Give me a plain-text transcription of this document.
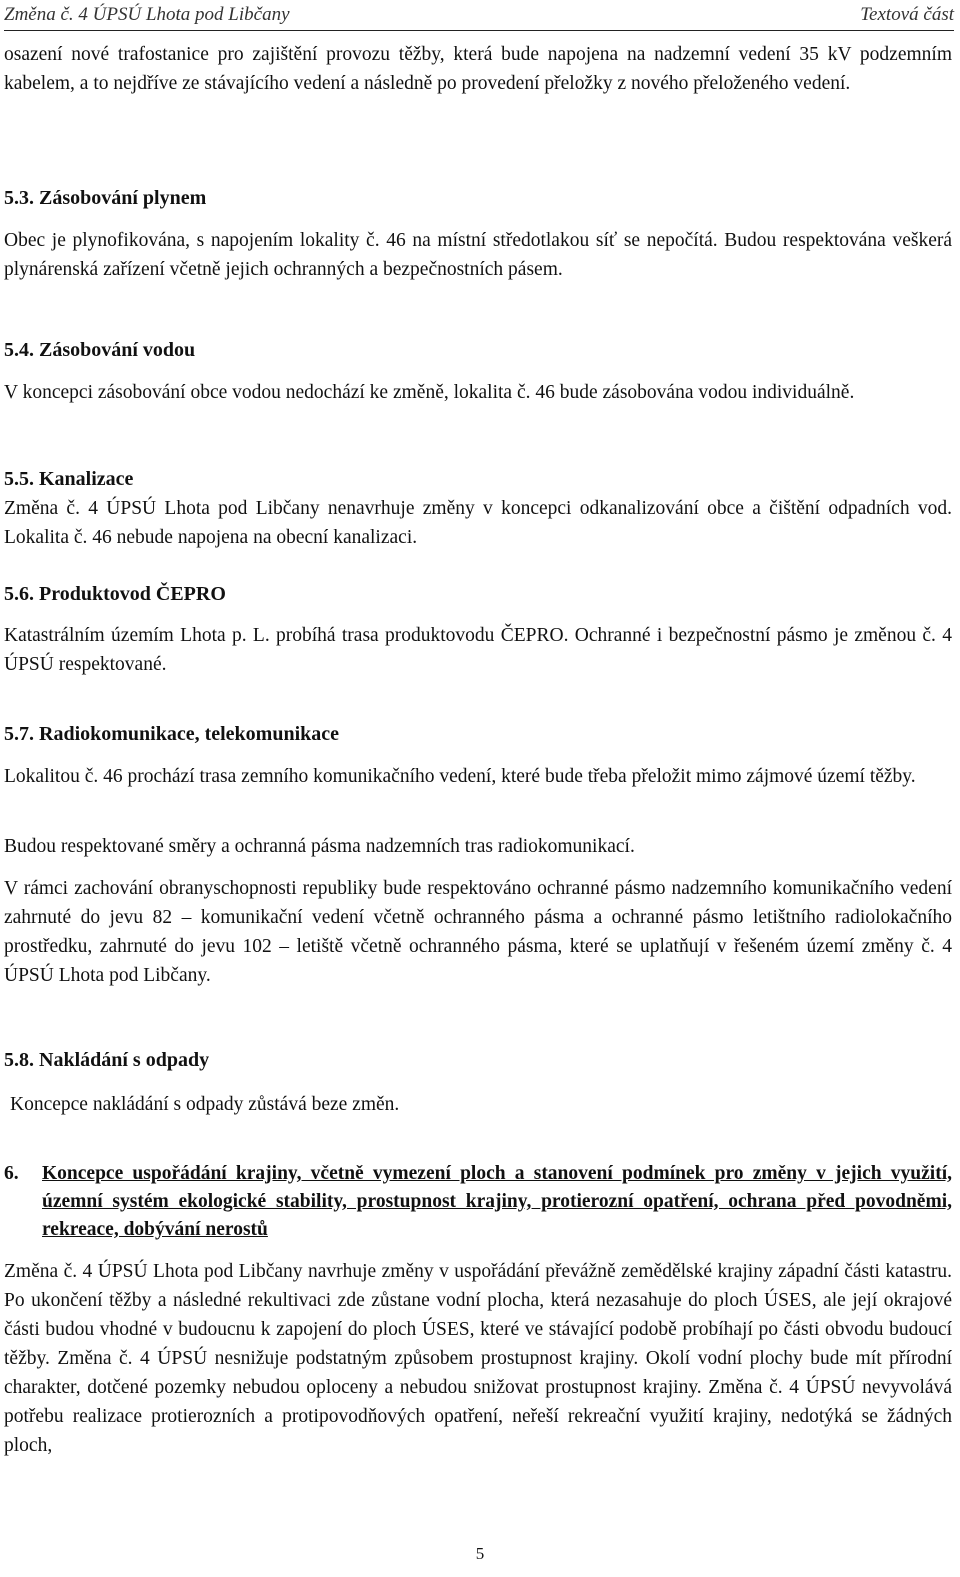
Změna č. 4 ÚPSÚ Lhota pod Libčany	Textová část

osazení nové trafostanice pro zajištění provozu těžby, která bude napojena na nadzemní vedení 35 kV podzemním kabelem, a to nejdříve ze stávajícího vedení a následně po provedení přeložky z nového přeloženého vedení.

5.3. Zásobování plynem

Obec je plynofikována, s napojením lokality č. 46 na místní středotlakou síť se nepočítá. Budou respektována veškerá plynárenská zařízení včetně jejich ochranných a bezpečnostních pásem.

5.4. Zásobování vodou

V koncepci zásobování obce vodou nedochází ke změně, lokalita č. 46 bude zásobována vodou individuálně.

5.5. Kanalizace

Změna č. 4 ÚPSÚ Lhota pod Libčany nenavrhuje změny v koncepci odkanalizování obce a čištění odpadních vod. Lokalita č. 46 nebude napojena na obecní kanalizaci.

5.6. Produktovod ČEPRO

Katastrálním územím Lhota p. L. probíhá trasa produktovodu ČEPRO. Ochranné i bezpečnostní pásmo je změnou č. 4 ÚPSÚ respektované.

5.7. Radiokomunikace, telekomunikace

Lokalitou č. 46 prochází trasa zemního komunikačního vedení, které bude třeba přeložit mimo zájmové území těžby.

Budou respektované směry a ochranná pásma nadzemních tras radiokomunikací.

V rámci zachování obranyschopnosti republiky bude respektováno ochranné pásmo nadzemního komunikačního vedení zahrnuté do jevu 82 – komunikační vedení včetně ochranného pásma a ochranné pásmo letištního radiolokačního prostředku, zahrnuté do jevu 102 – letiště včetně ochranného pásma, které se uplatňují v řešeném území změny č. 4 ÚPSÚ Lhota pod Libčany.

5.8. Nakládání s odpady

Koncepce nakládání s odpady zůstává beze změn.

6. Koncepce uspořádání krajiny, včetně vymezení ploch a stanovení podmínek pro změny v jejich využití, územní systém ekologické stability, prostupnost krajiny, protierozní opatření, ochrana před povodněmi, rekreace, dobývání nerostů

Změna č. 4 ÚPSÚ Lhota pod Libčany navrhuje změny v uspořádání převážně zemědělské krajiny západní části katastru. Po ukončení těžby a následné rekultivaci zde zůstane vodní plocha, která nezasahuje do ploch ÚSES, ale její okrajové části budou vhodné v budoucnu k zapojení do ploch ÚSES, které ve stávající podobě probíhají po části obvodu budoucí těžby. Změna č. 4 ÚPSÚ nesnižuje podstatným způsobem prostupnost krajiny. Okolí vodní plochy bude mít přírodní charakter, dotčené pozemky nebudou oploceny a nebudou snižovat prostupnost krajiny. Změna č. 4 ÚPSÚ nevyvolává potřebu realizace protierozních a protipovodňových opatření, neřeší rekreační využití krajiny, nedotýká se žádných ploch,

5
